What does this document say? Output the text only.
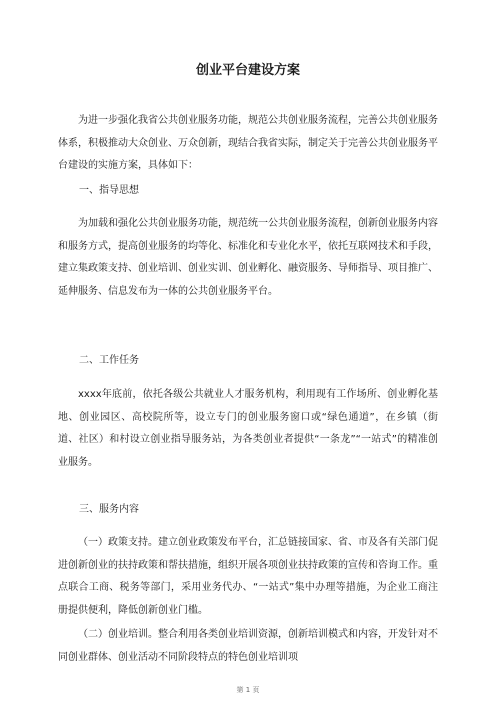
创业平台建设方案

为进一步强化我省公共创业服务功能，规范公共创业服务流程，完善公共创业服务体系，积极推动大众创业、万众创新，现结合我省实际，制定关于完善公共创业服务平台建设的实施方案，具体如下：

一、指导思想

为加载和强化公共创业服务功能，规范统一公共创业服务流程，创新创业服务内容和服务方式，提高创业服务的均等化、标准化和专业化水平，依托互联网技术和手段，建立集政策支持、创业培训、创业实训、创业孵化、融资服务、导师指导、项目推广、延伸服务、信息发布为一体的公共创业服务平台。

二、工作任务

xxxx年底前，依托各级公共就业人才服务机构，利用现有工作场所、创业孵化基地、创业园区、高校院所等，设立专门的创业服务窗口或“绿色通道”，在乡镇（街道、社区）和村设立创业指导服务站，为各类创业者提供“一条龙”“一站式”的精准创业服务。

三、服务内容

（一）政策支持。建立创业政策发布平台，汇总链接国家、省、市及各有关部门促进创新创业的扶持政策和帮扶措施，组织开展各项创业扶持政策的宣传和咨询工作。重点联合工商、税务等部门，采用业务代办、“一站式”集中办理等措施，为企业工商注册提供便利，降低创新创业门槛。

（二）创业培训。整合利用各类创业培训资源，创新培训模式和内容，开发针对不同创业群体、创业活动不同阶段特点的特色创业培训项

第 1 页
